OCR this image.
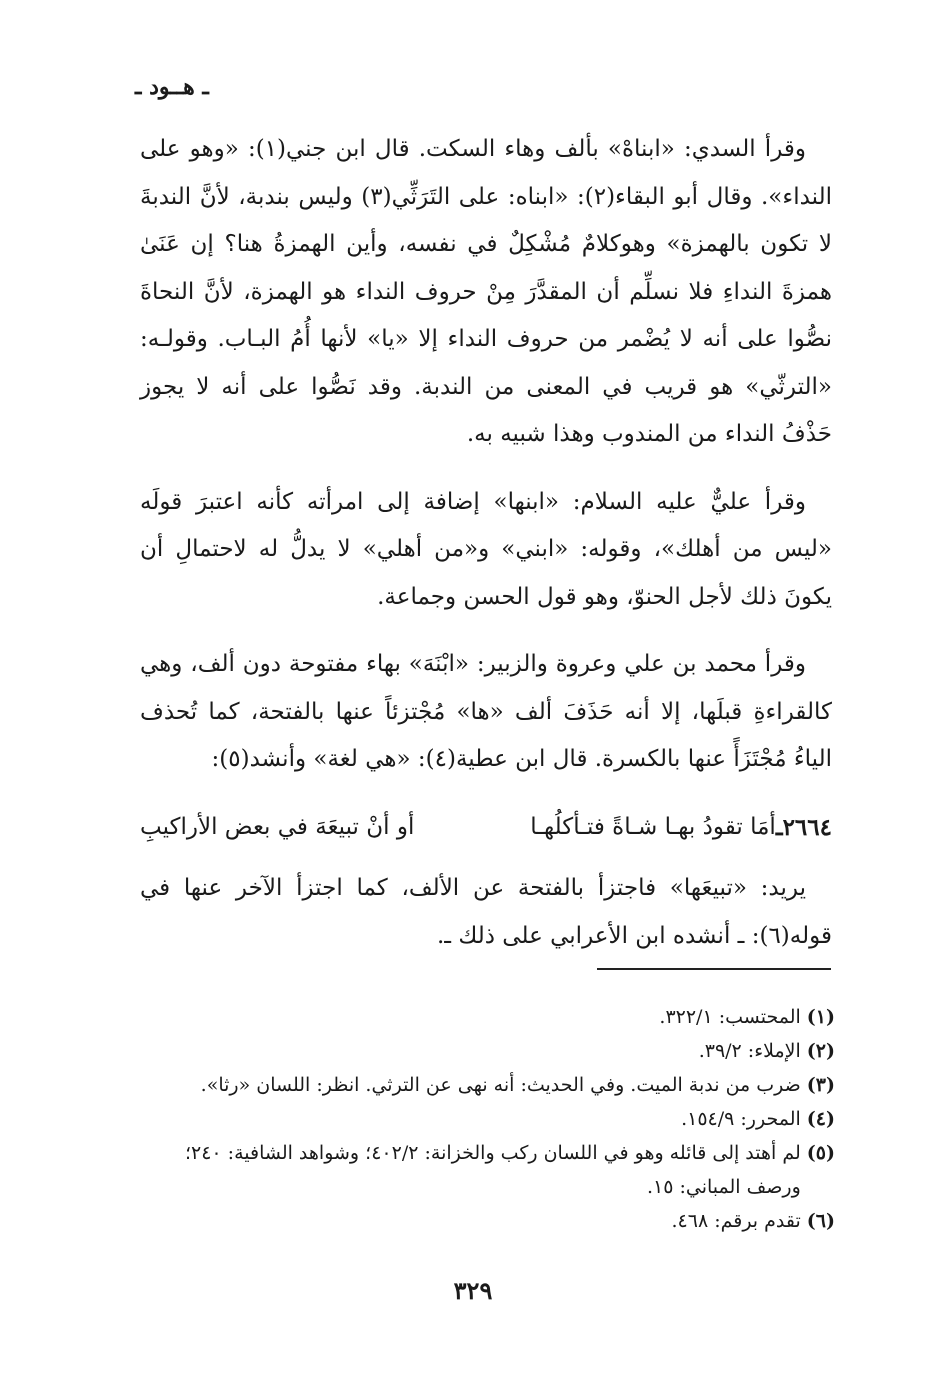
ـ هــود ـ

وقرأ السدي: «ابناهْ» بألف وهاء السكت. قال ابن جني(١): «وهو على النداء». وقال أبو البقاء(٢): «ابناه: على التَرَثِّي(٣) وليس بندبة، لأنَّ الندبةَ لا تكون بالهمزة» وهوكلامٌ مُشْكِلٌ في نفسه، وأين الهمزةُ هنا؟ إن عَنَىٰ همزةَ النداءِ فلا نسلِّم أن المقدَّرَ مِنْ حروف النداء هو الهمزة، لأنَّ النحاةَ نصُّوا على أنه لا يُضْمر من حروف النداء إلا «يا» لأنها أُمُ البـاب. وقولـه: «الترثّي» هو قريب في المعنى من الندبة. وقد نَصُّوا على أنه لا يجوز حَذْفُ النداء من المندوب وهذا شبيه به.

وقرأ عليٌّ عليه السلام: «ابنها» إضافة إلى امرأته كأنه اعتبرَ قولَه «ليس من أهلك»، وقوله: «ابني» و«من أهلي» لا يدلُّ له لاحتمالِ أن يكونَ ذلك لأجل الحنوّ، وهو قول الحسن وجماعة.

وقرأ محمد بن علي وعروة والزبير: «ابْنَهَ» بهاء مفتوحة دون ألف، وهي كالقراءةِ قبلَها، إلا أنه حَذَفَ ألف «ها» مُجْتزئاً عنها بالفتحة، كما تُحذف الياءُ مُجْتَزَأً عنها بالكسرة. قال ابن عطية(٤): «هي لغة» وأنشد(٥):

٢٦٦٤ـ
أمَا تقودُ بهـا شـاةً فتـأكلُهـا
أو أنْ تبيعَهَ في بعض الأراكيبِ

يريد: «تبيعَها» فاجتزأ بالفتحة عن الألف، كما اجتزأ الآخر عنها في قوله(٦): ـ أنشده ابن الأعرابي على ذلك ـ.

(١)
المحتسب: ٣٢٢/١.
(٢)
الإملاء: ٣٩/٢.
(٣)
ضرب من ندبة الميت. وفي الحديث: أنه نهى عن الترثي. انظر: اللسان «رثا».
(٤)
المحرر: ١٥٤/٩.
(٥)
لم أهتد إلى قائله وهو في اللسان ركب والخزانة: ٤٠٢/٢؛ وشواهد الشافية: ٢٤٠؛ ورصف المباني: ١٥.
(٦)
تقدم برقم: ٤٦٨.
٣٢٩
